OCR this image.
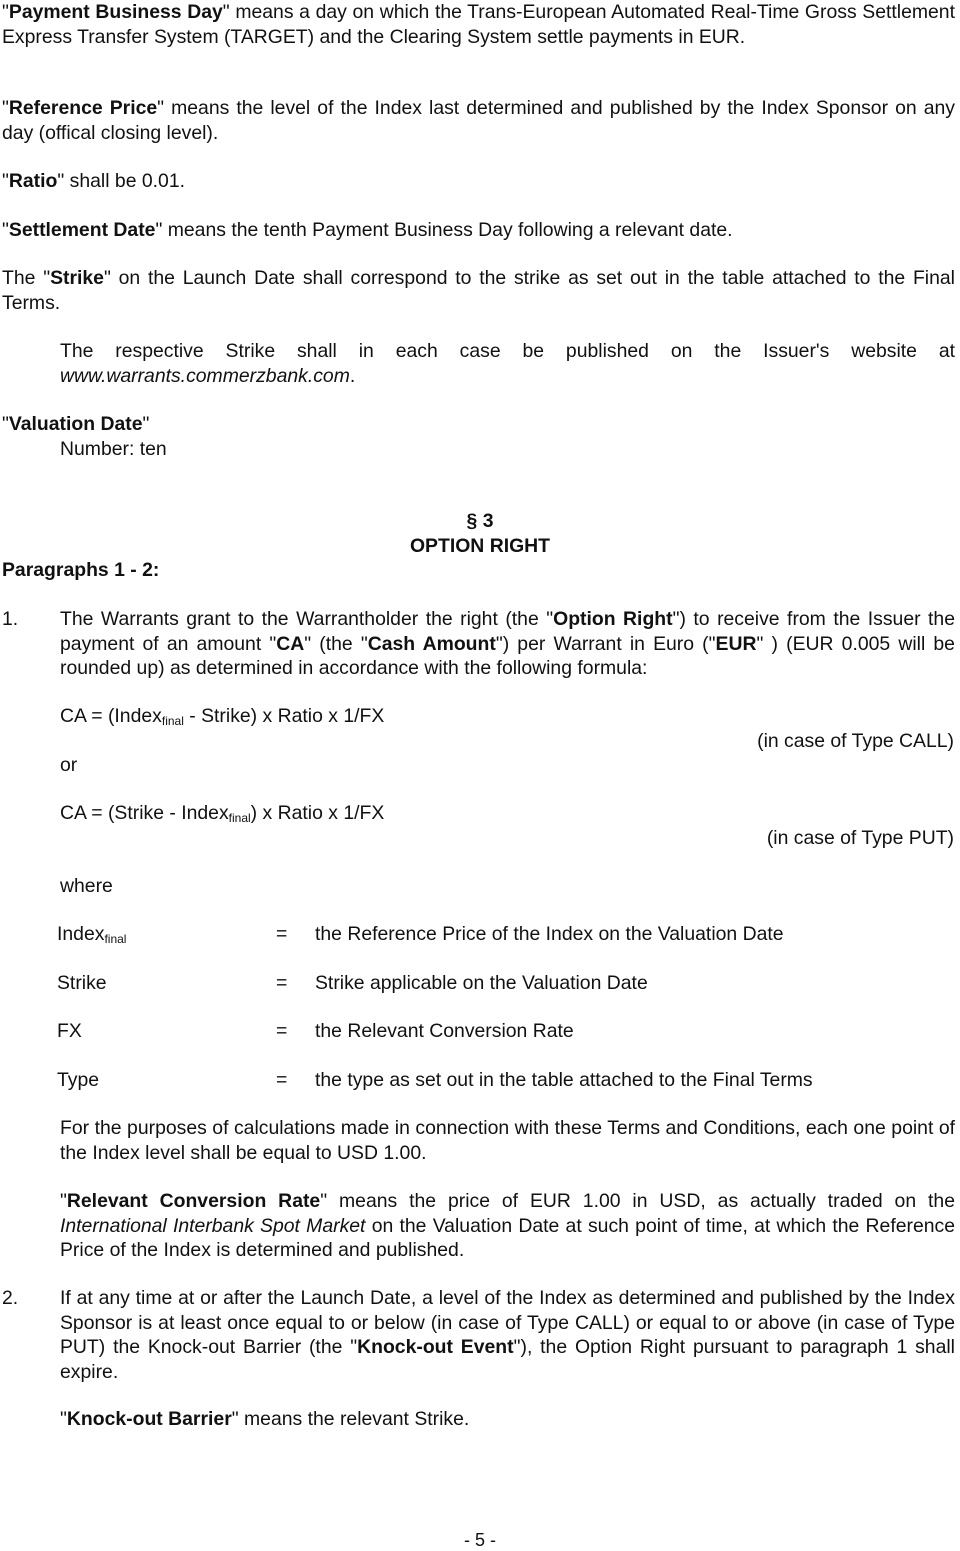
"Payment Business Day" means a day on which the Trans-European Automated Real-Time Gross Settlement Express Transfer System (TARGET) and the Clearing System settle payments in EUR.

"Reference Price" means the level of the Index last determined and published by the Index Sponsor on any day (offical closing level).

"Ratio" shall be 0.01.

"Settlement Date" means the tenth Payment Business Day following a relevant date.

The "Strike" on the Launch Date shall correspond to the strike as set out in the table attached to the Final Terms.

The respective Strike shall in each case be published on the Issuer's website at www.warrants.commerzbank.com.

"Valuation Date"

Number: ten

§ 3
OPTION RIGHT
Paragraphs 1 - 2:
1. The Warrants grant to the Warrantholder the right (the "Option Right") to receive from the Issuer the payment of an amount "CA" (the "Cash Amount") per Warrant in Euro ("EUR" ) (EUR 0.005 will be rounded up) as determined in accordance with the following formula:

CA = (Index$_{final}$ - Strike) x Ratio x 1/FX
(in case of Type CALL)
or
CA = (Strike - Index$_{final}$) x Ratio x 1/FX
(in case of Type PUT)
where
Index$_{final}$	= the Reference Price of the Index on the Valuation Date
Strike	= Strike applicable on the Valuation Date
FX	= the Relevant Conversion Rate
Type	= the type as set out in the table attached to the Final Terms

For the purposes of calculations made in connection with these Terms and Conditions, each one point of the Index level shall be equal to USD 1.00.

"Relevant Conversion Rate" means the price of EUR 1.00 in USD, as actually traded on the International Interbank Spot Market on the Valuation Date at such point of time, at which the Reference Price of the Index is determined and published.

2. If at any time at or after the Launch Date, a level of the Index as determined and published by the Index Sponsor is at least once equal to or below (in case of Type CALL) or equal to or above (in case of Type PUT) the Knock-out Barrier (the "Knock-out Event"), the Option Right pursuant to paragraph 1 shall expire.

"Knock-out Barrier" means the relevant Strike.

- 5 -
